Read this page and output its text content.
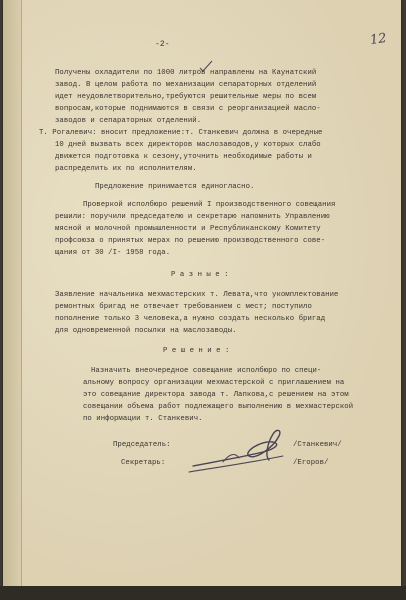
-2-	12
Получены охладители по 1000 литров направлены на Каунатский
завод. В целом работа по механизации сепараторных отделений
идет неудовлетворительно,требуются решительные меры по всем
вопросам,которые поднимаются в связи с реорганизацией маслo-
заводов и сепараторных отделений.
Т. Рогалевич: вносит предложение:т. Станкевич должна в очередные
10 дней вызвать всех директоров маслозаводов,у которых слабо
движется подготовка к сезону,уточнить необходимые работы и
распределить их по исполнителям.
Предложение принимается единогласно.
Проверкой исполбюро решений I производственного совещания
решили: поручили председателю и секретарю напомнить Управлению
мясной и молочной промышленности и Республиканскому Комитету
профсоюза о принятых мерах по решению производственного сове-
щания от 30 /I- 1958 года.
Р а з н ы е :
Заявление начальника мехмастерских т. Левата,что укомплектование
ремонтных бригад не отвечает требованием с мест; поступило
пополнение только 3 человека,а нужно создать несколько бригад
для одновременной посылки на маслозаводы.
Р е ш е н и е :
Назначить внеочередное совещание исполбюро по специ-
альному вопросу организации мехмастерской с приглашением на
это совещание директора завода т. Лапкова,с решением на этом
совещании объема работ подлежащего выполнению в мехмастерской
по информации т. Станкевич.
Председатель:	/Станкевич/
Секретарь:	/Егоров/
